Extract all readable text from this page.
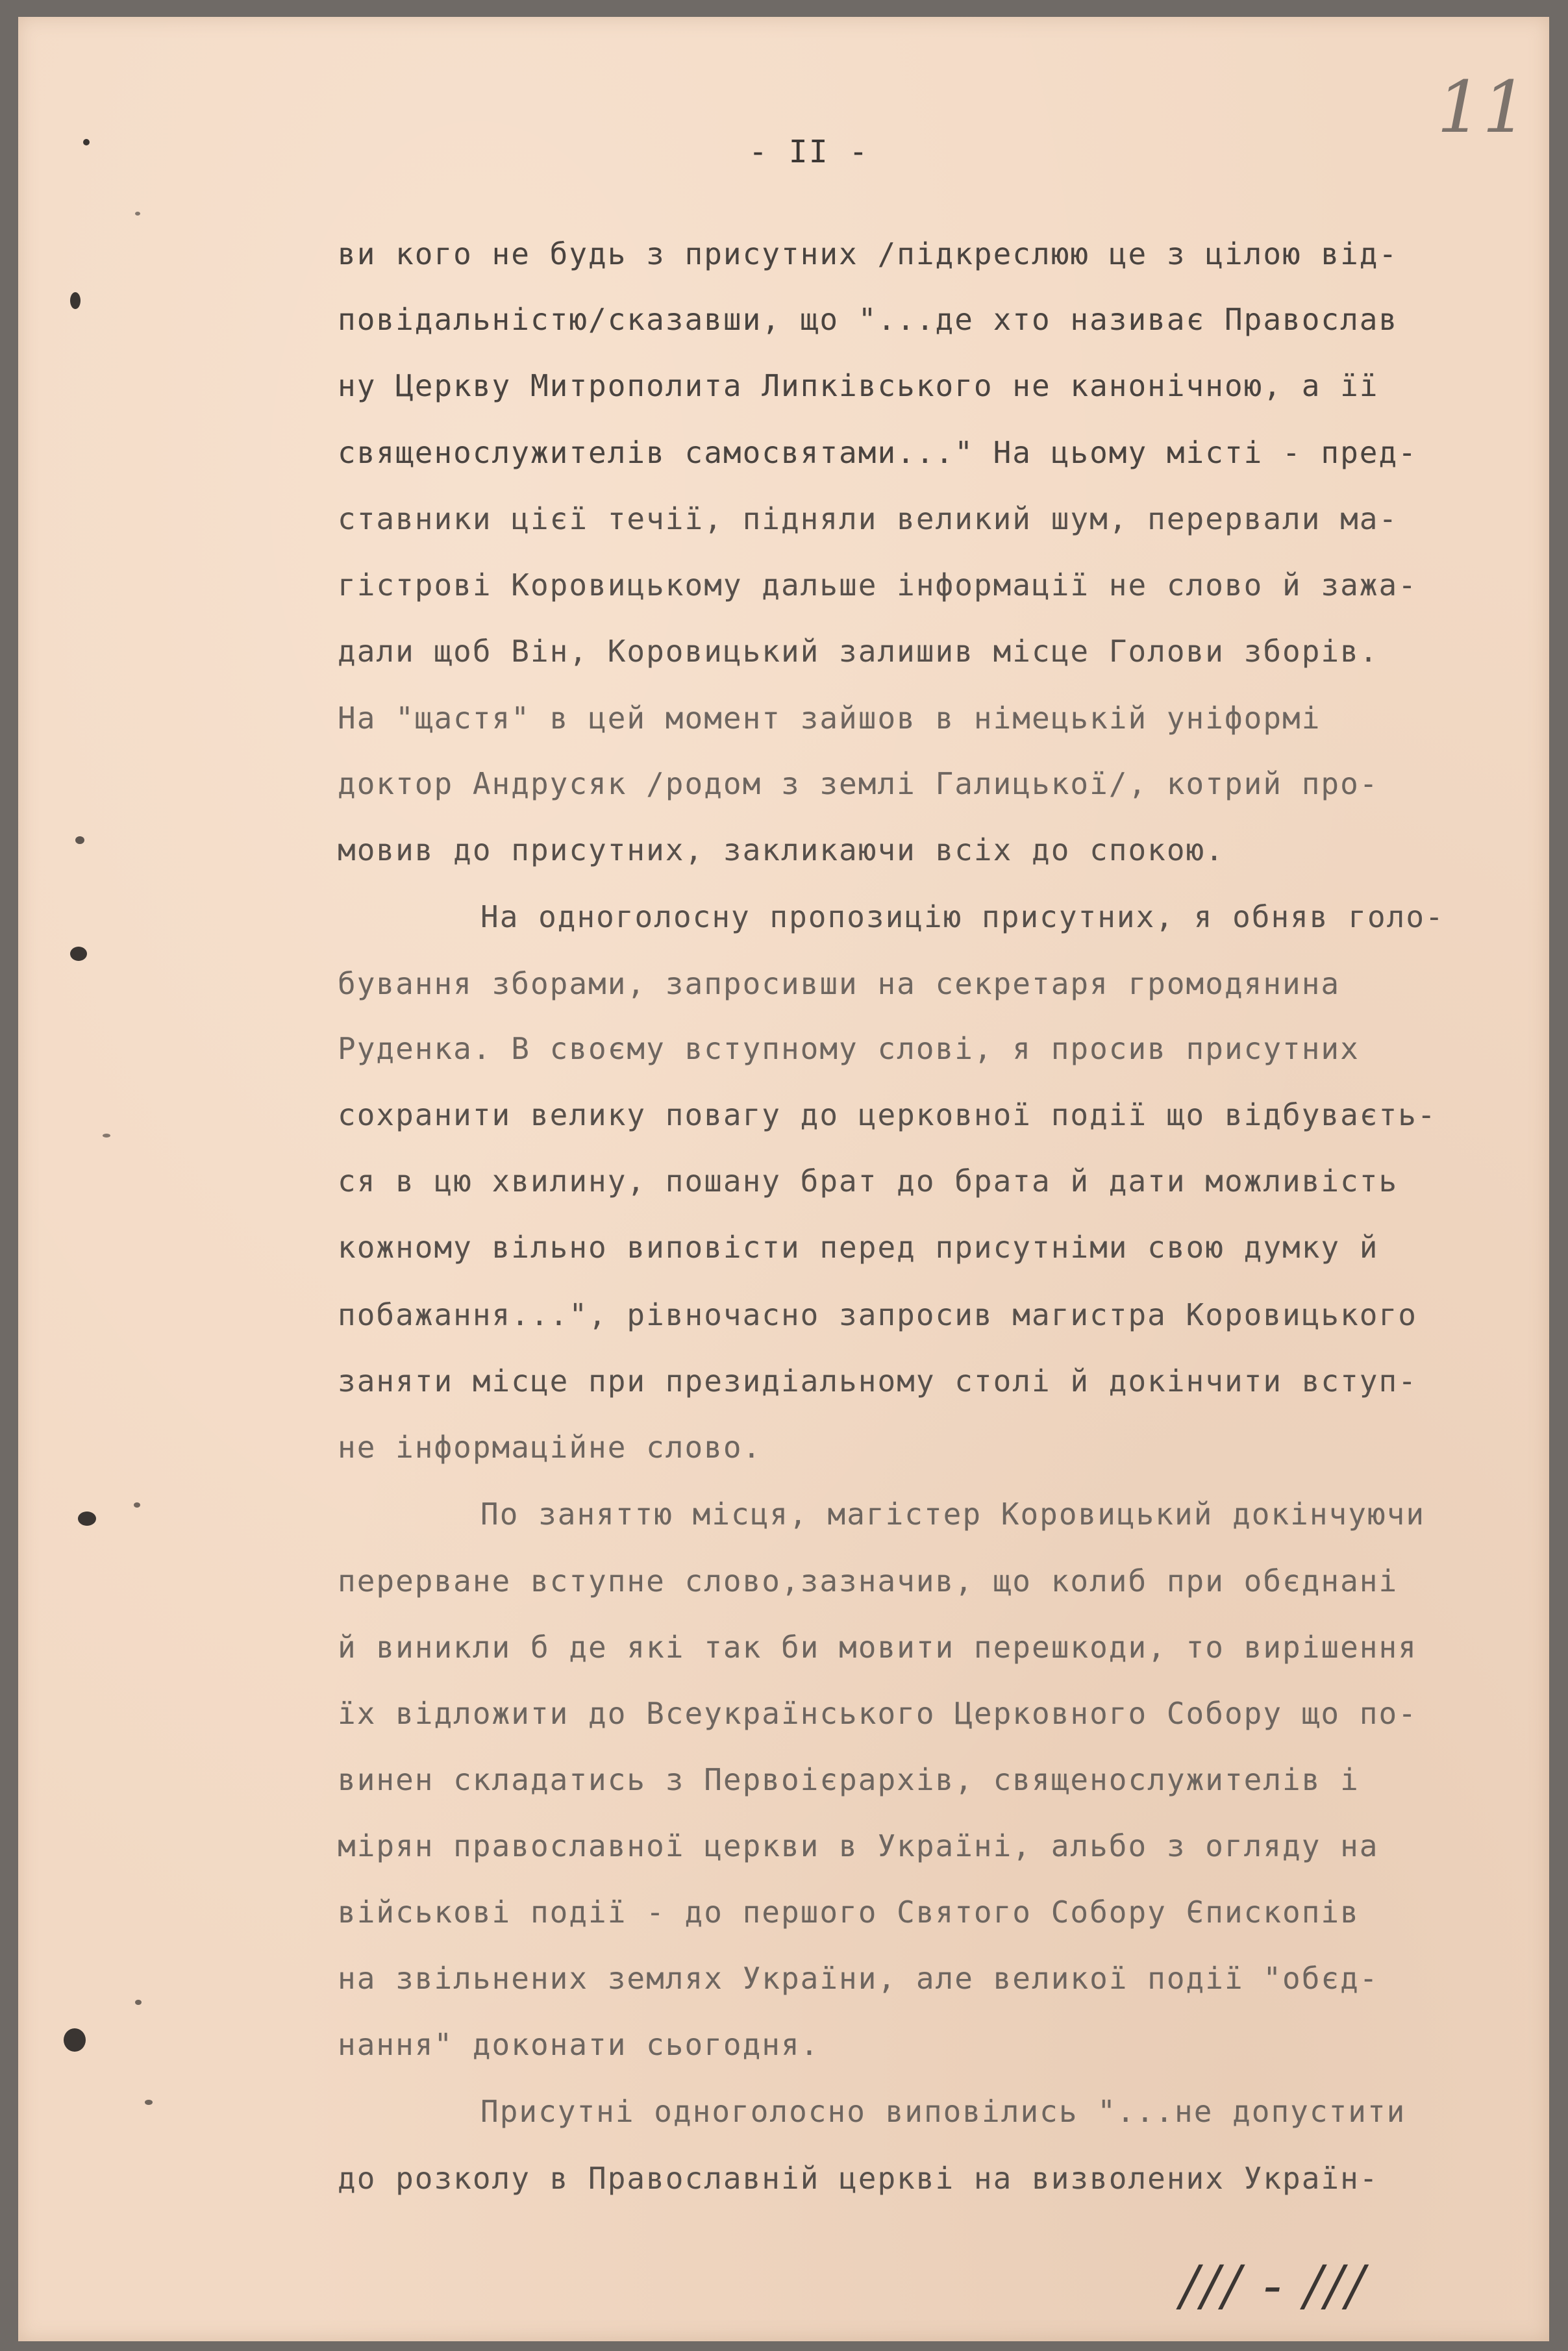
- II -
11
ви кого не будь з присутних /підкреслюю це з цілою від-
повідальністю/сказавши, що "...де хто називає Православ
ну Церкву Митрополита Липківського не канонічною, а її
священослужителів самосвятами..." На цьому місті - пред-
ставники цієї течії, підняли великий шум, перервали ма-
гістрові Коровицькому дальше інформації не слово й зажа-
дали щоб Він, Коровицький залишив місце Голови зборів.
На "щастя" в цей момент зайшов в німецькій уніформі
доктор Андрусяк /родом з землі Галицької/, котрий про-
мовив до присутних, закликаючи всіх до спокою.
На одноголосну пропозицію присутних, я обняв голо-
бування зборами, запросивши на секретаря громодянина
Руденка. В своєму вступному слові, я просив присутних
сохранити велику повагу до церковної події що відбуваєть-
ся в цю хвилину, пошану брат до брата й дати можливість
кожному вільно виповісти перед присутніми свою думку й
побажання...", рівночасно запросив магистра Коровицького
заняти місце при президіальному столі й докінчити вступ-
не інформаційне слово.
По заняттю місця, магістер Коровицький докінчуючи
перерване вступне слово,зазначив, що колиб при обєднані
й виникли б де які так би мовити перешкоди, то вирішення
їх відложити до Всеукраїнського Церковного Собору що по-
винен складатись з Первоієрархів, священослужителів і
мірян православної церкви в Україні, альбо з огляду на
військові події - до першого Святого Собору Єпископів
на звільнених землях України, але великої події "обєд-
нання" доконати сьогодня.
Присутні одноголосно виповілись "...не допустити
до розколу в Православній церкві на визволених Україн-
/// - ///
